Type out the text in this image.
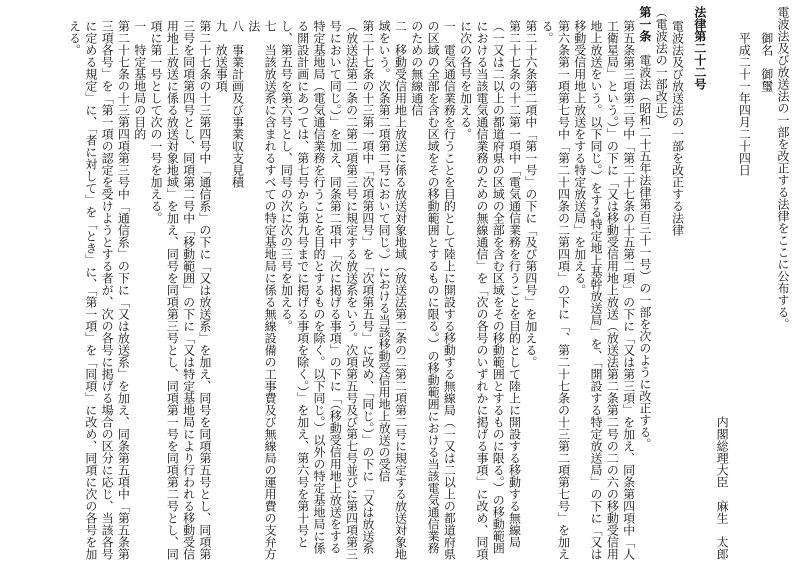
電波法及び放送法の一部を改正する法律をここに公布する。

御名　御璽

平成二十一年四月二十四日

内閣総理大臣　麻生　太郎

法律第二十二号

電波法及び放送法の一部を改正する法律

（電波法の一部改正）

第一条　電波法（昭和二十五年法律第百三十一号）の一部を次のように改正する。

第五条第三項第二号中「第二十七条の十五第二項」の下に「又は第三項」を加え、同条第四項中「人工衛星局」という。）」の下に「又は移動受信用地上放送（放送法第二条第二号の二の六の移動受信用地上放送をいう。以下同じ。）をする特定地上基幹放送局」を、「開設する特定放送局」の下に「又は移動受信用地上放送をする特定放送局」を加える。

第六条第一項第七号中「第二十四条の二第四項」の下に「、第二十七条の十三第二項第七号」を加える。

第二十六条第二項中「第一号」の下に「及び第四号」を加える。

第二十七条の十二第一項中「電気通信業務を行うことを目的として陸上に開設する移動する無線局（一又は二以上の都道府県の区域の全部を含む区域をその移動範囲とするものに限る。）の移動範囲における当該電気通信業務のための無線通信」を「次の各号のいずれかに掲げる事項」に改め、同項に次の各号を加える。

一　電気通信業務を行うことを目的として陸上に開設する移動する無線局（一又は二以上の都道府県の区域の全部を含む区域をその移動範囲とするものに限る。）の移動範囲における当該電気通信業務のための無線通信

二　移動受信用地上放送に係る放送対象地域（放送法第二条の二第二項第二号に規定する放送対象地域をいう。次条第二項第二号において同じ。）における当該移動受信用地上放送の受信

第二十七条の十三第一項中「次項第四号」を「次項第五号」に改め、「同じ。）」の下に「又は放送系（放送法第二条の二第二項第三号に規定する放送系をいう。次項第五号及び第七号並びに第四項第三号において同じ。）」を加え、同条第二項中「次に掲げる事項」の下に「（移動受信用地上放送をする特定基地局（電気通信業務を行うことを目的とするものを除く。以下同じ。）以外の特定基地局に係る開設計画にあつては、第七号から第九号までに掲げる事項を除く。）」を加え、第六号を第十号とし、第五号を第六号とし、同号の次に次の三号を加える。

七　当該放送系に含まれるすべての特定基地局に係る無線設備の工事費及び無線局の運用費の支弁方法

八　事業計画及び事業収支見積

九　放送事項

第二十七条の十三第四号中「通信系」の下に「又は放送系」を加え、同号を同項第五号とし、同項第三号を同項第四号とし、同項第二号中「移動範囲」の下に「又は特定基地局により行われる移動受信用地上放送に係る放送対象地域」を加え、同号を同項第三号とし、同項第一号を同項第二号とし、同項に第一号として次の一号を加える。

一　特定基地局の目的

第二十七条の十三第四項第三号中「通信系」の下に「又は放送系」を加え、同条第五項中「第五条第三項各号」を「第一項の認定を受けようとする者が、次の各号に掲げる場合の区分に応じ、当該各号に定める規定」に、「者に対して」を「とき」に、「第一項」を「同項」に改め、同項に次の各号を加える。
